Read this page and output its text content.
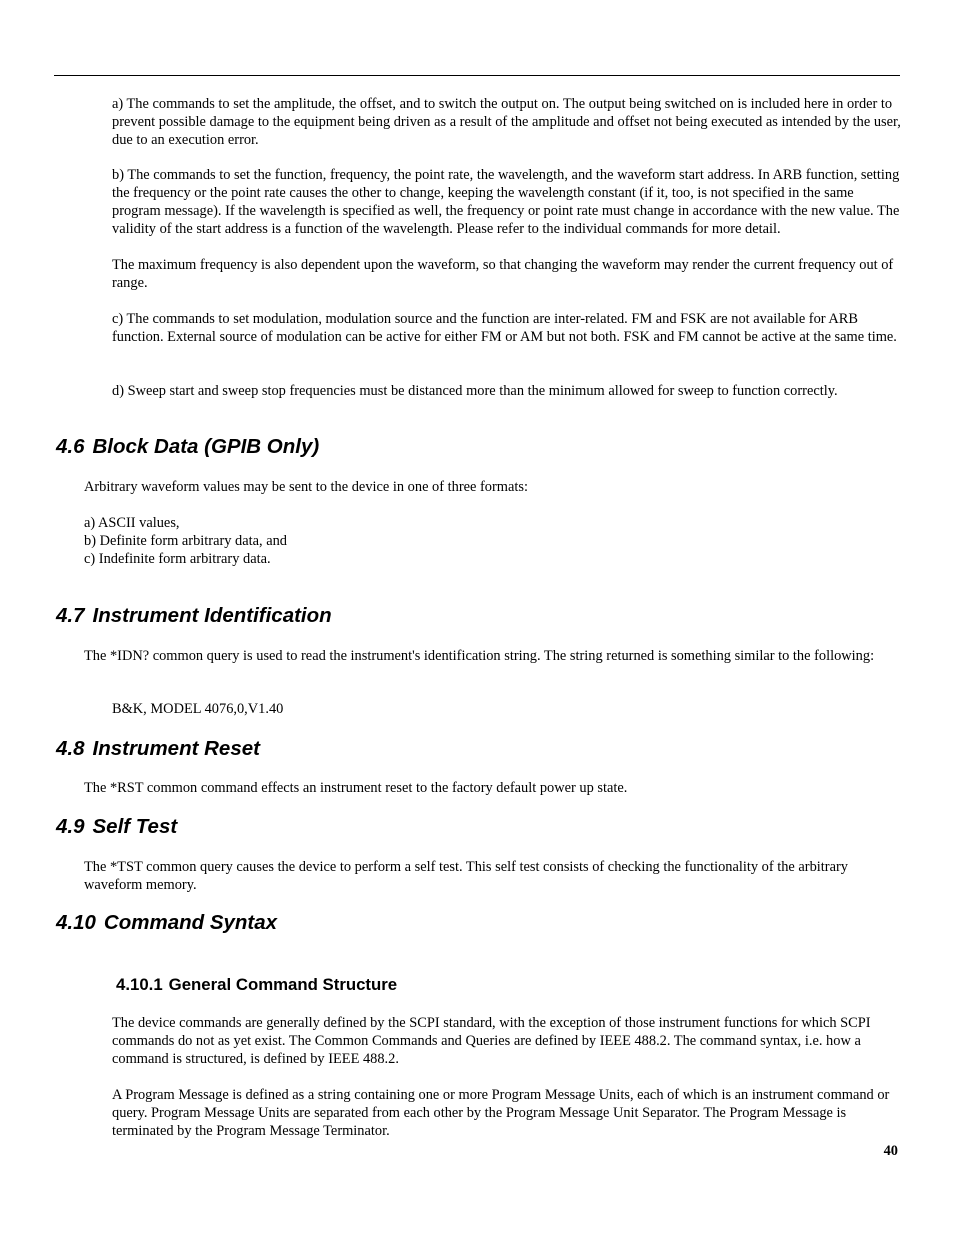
a) The commands to set the amplitude, the offset, and to switch the output on. The output being switched on is included here in order to prevent possible damage to the equipment being driven as a result of the amplitude and offset not being executed as intended by the user, due to an execution error.

b) The commands to set the function, frequency, the point rate, the wavelength, and the waveform start address. In ARB function, setting the frequency or the point rate causes the other to change, keeping the wavelength constant (if it, too, is not specified in the same program message). If the wavelength is specified as well, the frequency or point rate must change in accordance with the new value. The validity of the start address is a function of the wavelength. Please refer to the individual commands for more detail.

The maximum frequency is also dependent upon the waveform, so that changing the waveform may render the current frequency out of range.

c) The commands to set modulation, modulation source and the function are inter-related. FM and FSK are not available for ARB function. External source of modulation can be active for either FM or AM but not both. FSK and FM cannot be active at the same time.

d) Sweep start and sweep stop frequencies must be distanced more than the minimum allowed for sweep to function correctly.

4.6 Block Data (GPIB Only)

Arbitrary waveform values may be sent to the device in one of three formats:

a) ASCII values,
b) Definite form arbitrary data, and
c) Indefinite form arbitrary data.

4.7 Instrument Identification

The *IDN? common query is used to read the instrument's identification string. The string returned is something similar to the following:

B&K, MODEL 4076,0,V1.40

4.8 Instrument Reset

The *RST common command effects an instrument reset to the factory default power up state.

4.9 Self Test

The *TST common query causes the device to perform a self test. This self test consists of checking the functionality of the arbitrary waveform memory.

4.10 Command Syntax
4.10.1 General Command Structure

The device commands are generally defined by the SCPI standard, with the exception of those instrument functions for which SCPI commands do not as yet exist. The Common Commands and Queries are defined by IEEE 488.2. The command syntax, i.e. how a command is structured, is defined by IEEE 488.2.

A Program Message is defined as a string containing one or more Program Message Units, each of which is an instrument command or query. Program Message Units are separated from each other by the Program Message Unit Separator. The Program Message is terminated by the Program Message Terminator.

40
